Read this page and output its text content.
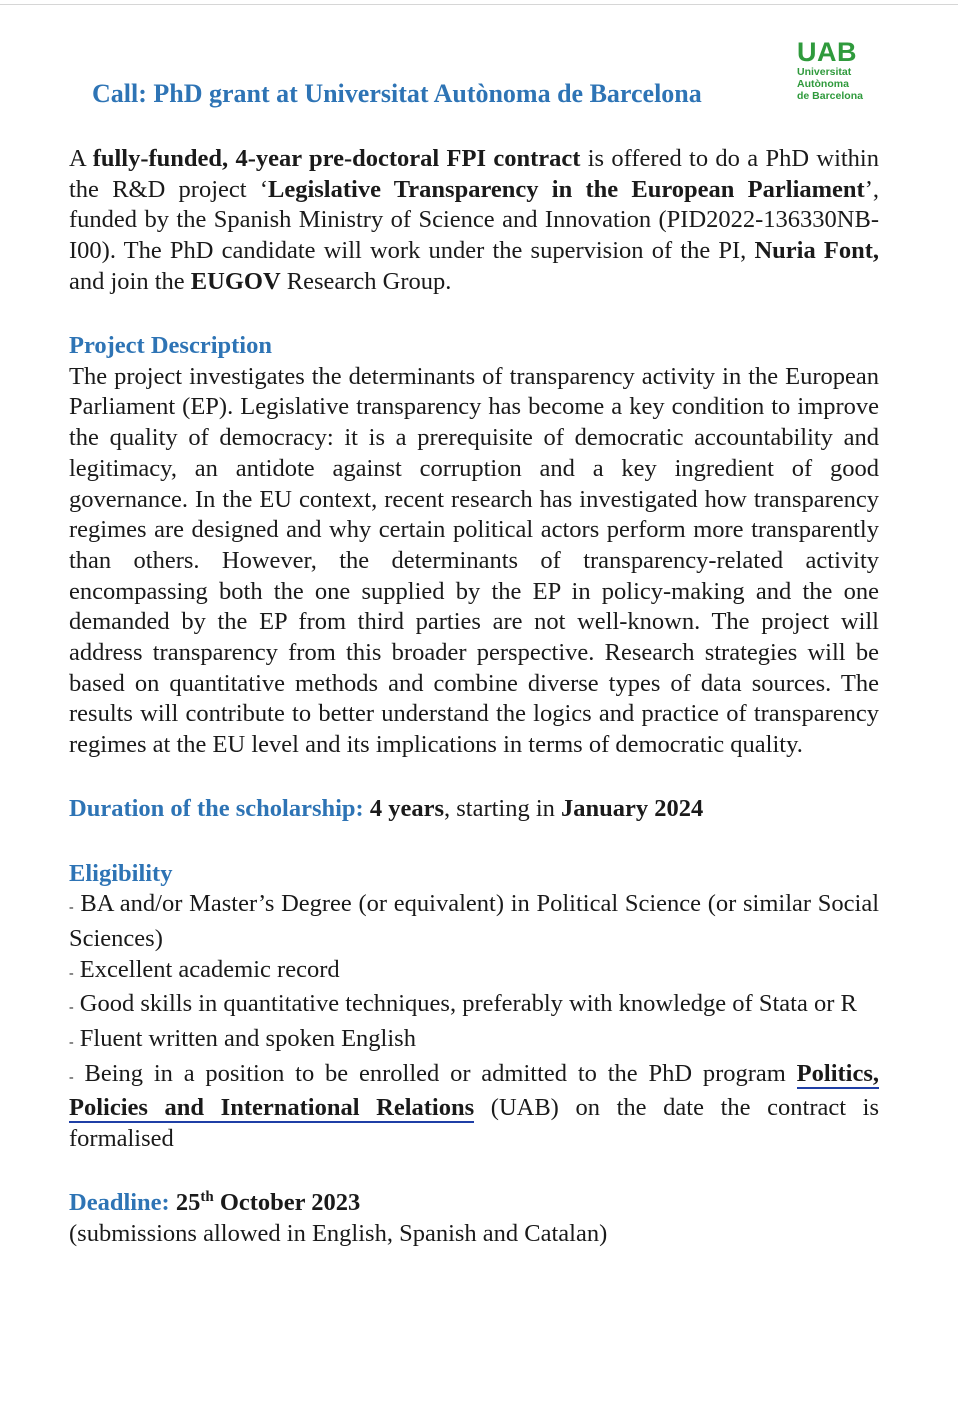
UAB
Universitat
Autònoma
de Barcelona
Call: PhD grant at Universitat Autònoma de Barcelona

A fully-funded, 4-year pre-doctoral FPI contract is offered to do a PhD within the R&D project ‘Legislative Transparency in the European Parliament’, funded by the Spanish Ministry of Science and Innovation (PID2022-136330NB-I00). The PhD candidate will work under the supervision of the PI, Nuria Font, and join the EUGOV Research Group.

Project Description

The project investigates the determinants of transparency activity in the European Parliament (EP). Legislative transparency has become a key condition to improve the quality of democracy: it is a prerequisite of democratic accountability and legitimacy, an antidote against corruption and a key ingredient of good governance. In the EU context, recent research has investigated how transparency regimes are designed and why certain political actors perform more transparently than others. However, the determinants of transparency-related activity encompassing both the one supplied by the EP in policy-making and the one demanded by the EP from third parties are not well-known. The project will address transparency from this broader perspective. Research strategies will be based on quantitative methods and combine diverse types of data sources. The results will contribute to better understand the logics and practice of transparency regimes at the EU level and its implications in terms of democratic quality.

Duration of the scholarship: 4 years, starting in January 2024

Eligibility

- BA and/or Master’s Degree (or equivalent) in Political Science (or similar Social Sciences)

- Excellent academic record

- Good skills in quantitative techniques, preferably with knowledge of Stata or R

- Fluent written and spoken English

- Being in a position to be enrolled or admitted to the PhD program Politics, Policies and International Relations (UAB) on the date the contract is formalised

Deadline: 25th October 2023

(submissions allowed in English, Spanish and Catalan)
